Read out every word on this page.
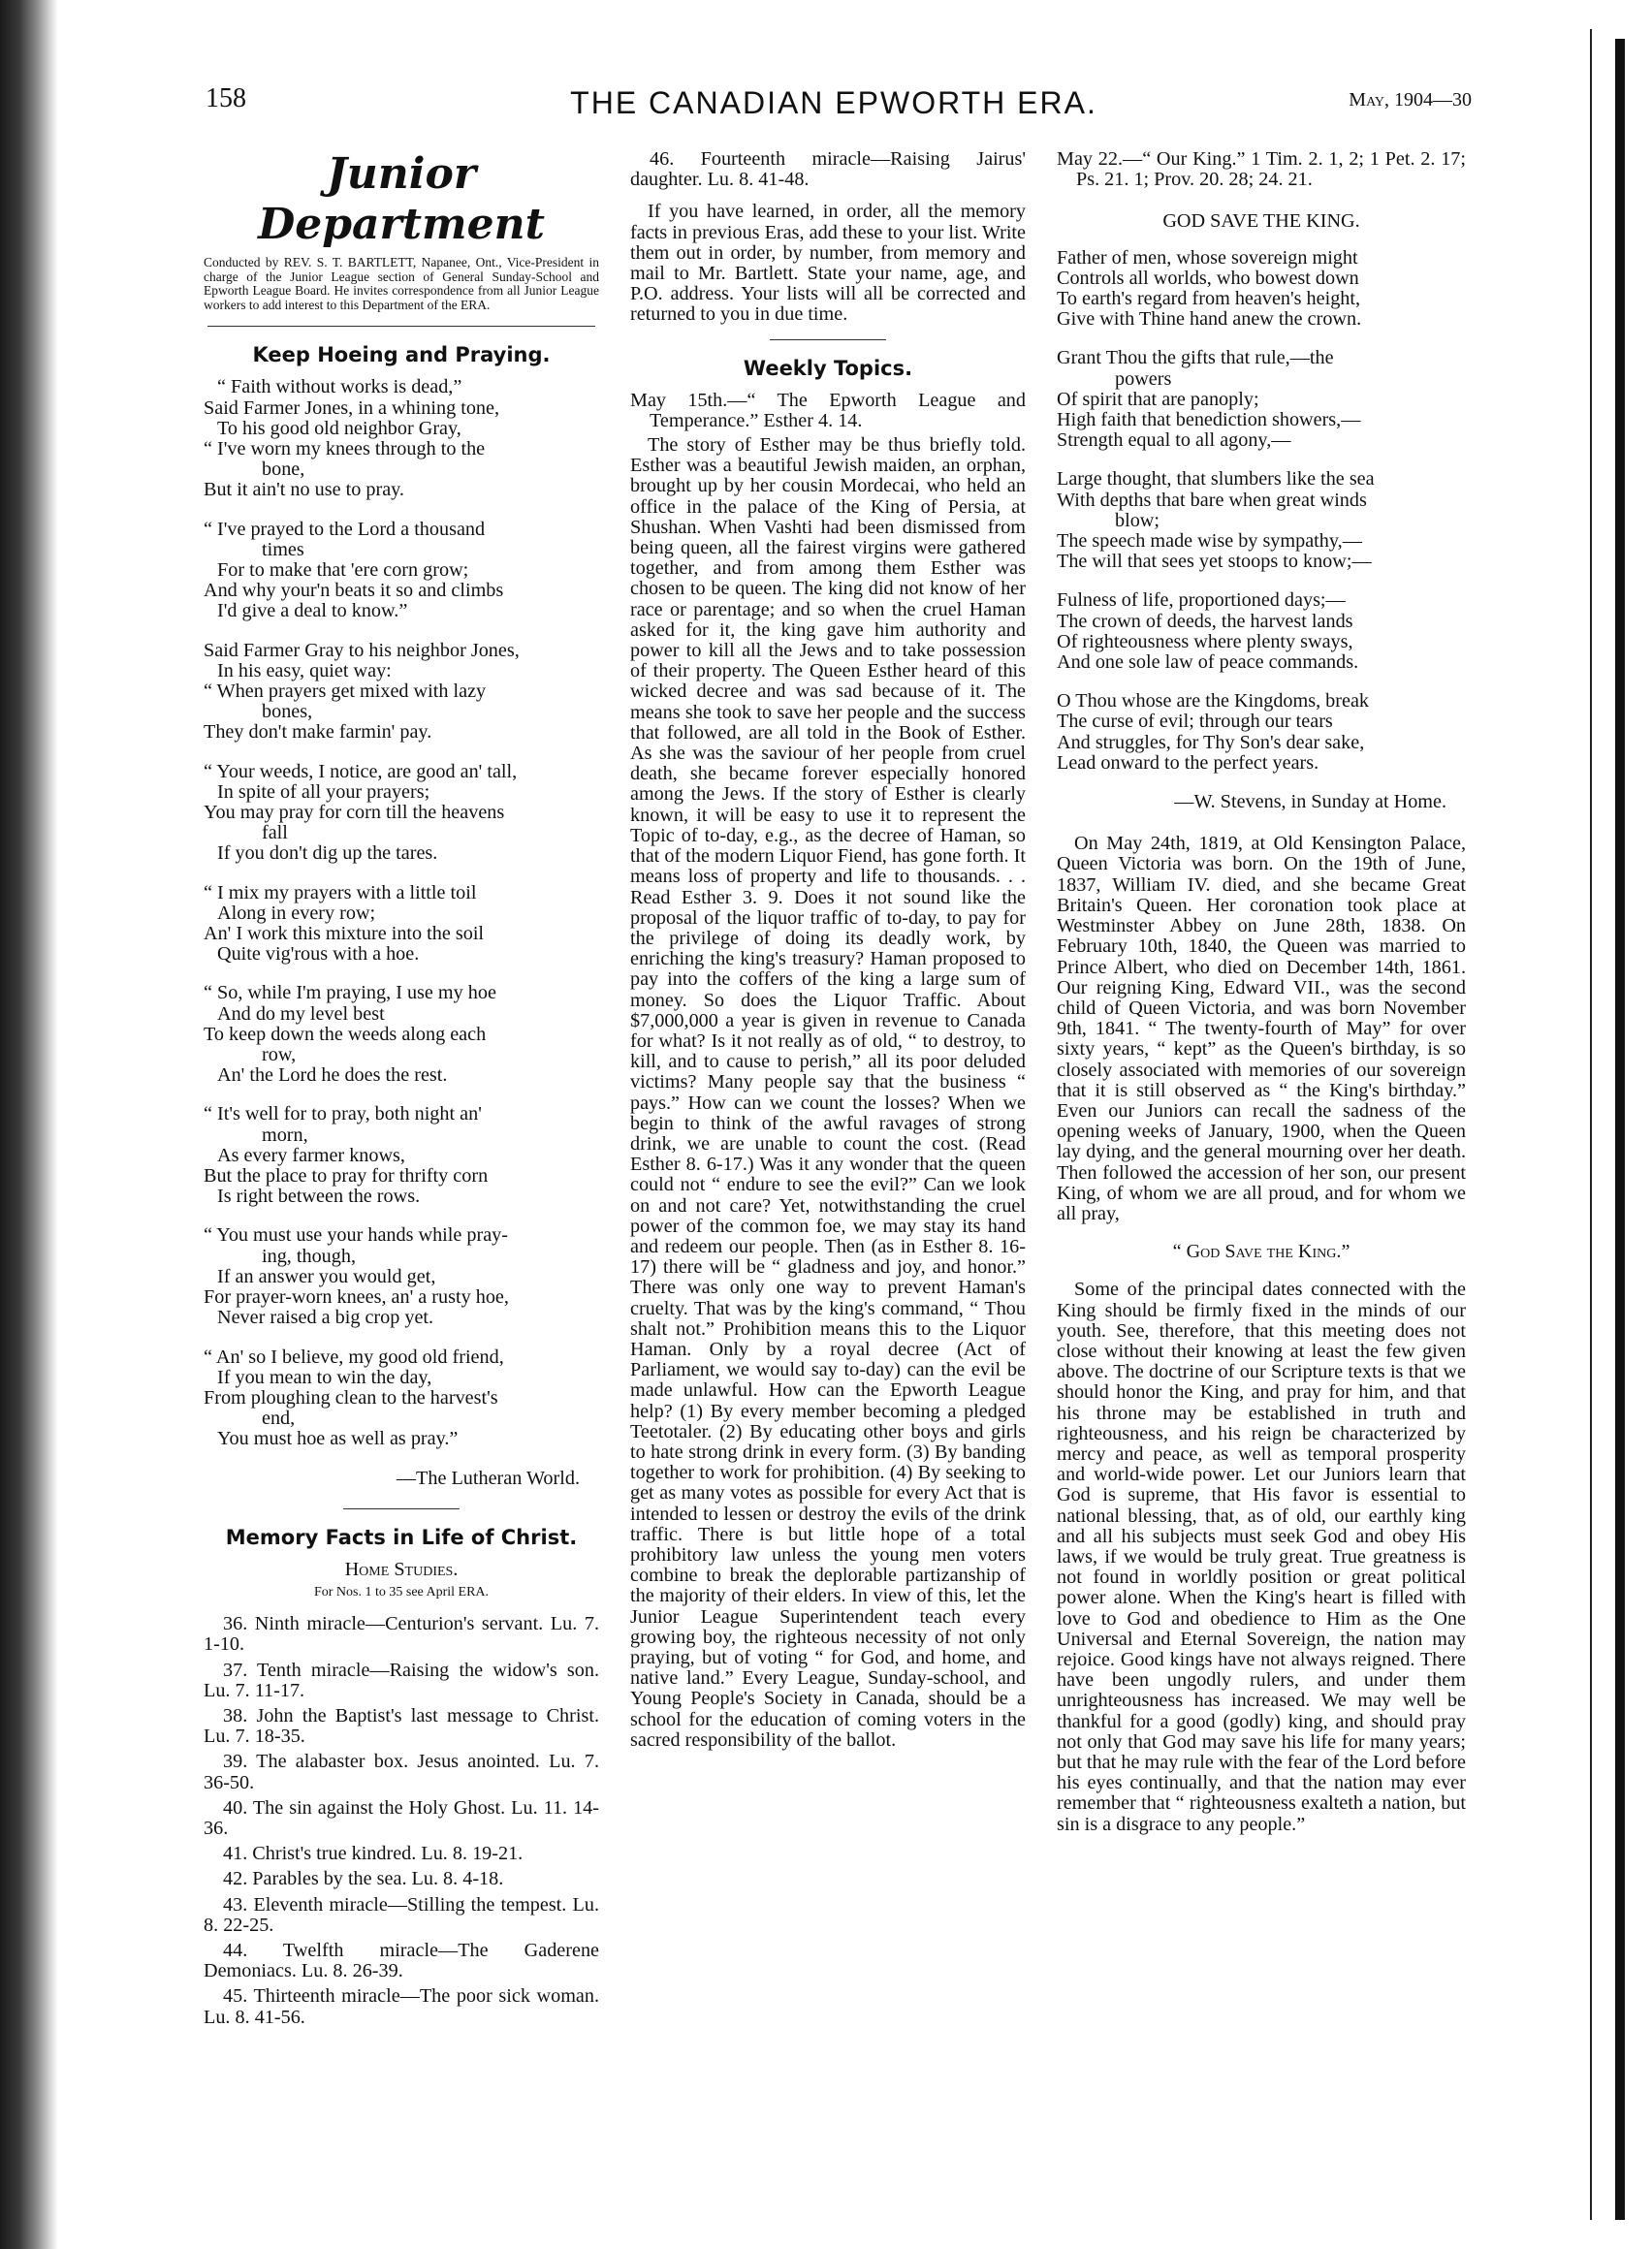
158	THE CANADIAN EPWORTH ERA.	May, 1904—30
Junior Department
Conducted by REV. S. T. BARTLETT, Napanee, Ont., Vice-President in charge of the Junior League section of General Sunday-School and Epworth League Board. He invites correspondence from all Junior League workers to add interest to this Department of the ERA.
Keep Hoeing and Praying.
“ Faith without works is dead,”
Said Farmer Jones, in a whining tone,
To his good old neighbor Gray,
“ I've worn my knees through to the
bone,
But it ain't no use to pray.
“ I've prayed to the Lord a thousand
times
For to make that 'ere corn grow;
And why your'n beats it so and climbs
I'd give a deal to know.”
Said Farmer Gray to his neighbor Jones,
In his easy, quiet way:
“ When prayers get mixed with lazy
bones,
They don't make farmin' pay.
“ Your weeds, I notice, are good an' tall,
In spite of all your prayers;
You may pray for corn till the heavens
fall
If you don't dig up the tares.
“ I mix my prayers with a little toil
Along in every row;
An' I work this mixture into the soil
Quite vig'rous with a hoe.
“ So, while I'm praying, I use my hoe
And do my level best
To keep down the weeds along each
row,
An' the Lord he does the rest.
“ It's well for to pray, both night an'
morn,
As every farmer knows,
But the place to pray for thrifty corn
Is right between the rows.
“ You must use your hands while pray-
ing, though,
If an answer you would get,
For prayer-worn knees, an' a rusty hoe,
Never raised a big crop yet.
“ An' so I believe, my good old friend,
If you mean to win the day,
From ploughing clean to the harvest's
end,
You must hoe as well as pray.”
—The Lutheran World.
Memory Facts in Life of Christ.
Home Studies.
For Nos. 1 to 35 see April ERA.
36. Ninth miracle—Centurion's servant. Lu. 7. 1-10.
37. Tenth miracle—Raising the widow's son. Lu. 7. 11-17.
38. John the Baptist's last message to Christ. Lu. 7. 18-35.
39. The alabaster box. Jesus anointed. Lu. 7. 36-50.
40. The sin against the Holy Ghost. Lu. 11. 14-36.
41. Christ's true kindred. Lu. 8. 19-21.
42. Parables by the sea. Lu. 8. 4-18.
43. Eleventh miracle—Stilling the tempest. Lu. 8. 22-25.
44. Twelfth miracle—The Gaderene Demoniacs. Lu. 8. 26-39.
45. Thirteenth miracle—The poor sick woman. Lu. 8. 41-56.
46. Fourteenth miracle—Raising Jairus' daughter. Lu. 8. 41-48.
If you have learned, in order, all the memory facts in previous Eras, add these to your list. Write them out in order, by number, from memory and mail to Mr. Bartlett. State your name, age, and P.O. address. Your lists will all be corrected and returned to you in due time.
Weekly Topics.
May 15th.—“ The Epworth League and Temperance.” Esther 4. 14.
The story of Esther may be thus briefly told. Esther was a beautiful Jewish maiden, an orphan, brought up by her cousin Mordecai, who held an office in the palace of the King of Persia, at Shushan. When Vashti had been dismissed from being queen, all the fairest virgins were gathered together, and from among them Esther was chosen to be queen. The king did not know of her race or parentage; and so when the cruel Haman asked for it, the king gave him authority and power to kill all the Jews and to take possession of their property. The Queen Esther heard of this wicked decree and was sad because of it. The means she took to save her people and the success that followed, are all told in the Book of Esther. As she was the saviour of her people from cruel death, she became forever especially honored among the Jews. If the story of Esther is clearly known, it will be easy to use it to represent the Topic of to-day, e.g., as the decree of Haman, so that of the modern Liquor Fiend, has gone forth. It means loss of property and life to thousands. . . Read Esther 3. 9. Does it not sound like the proposal of the liquor traffic of to-day, to pay for the privilege of doing its deadly work, by enriching the king's treasury? Haman proposed to pay into the coffers of the king a large sum of money. So does the Liquor Traffic. About $7,000,000 a year is given in revenue to Canada for what? Is it not really as of old, “ to destroy, to kill, and to cause to perish,” all its poor deluded victims? Many people say that the business “ pays.” How can we count the losses? When we begin to think of the awful ravages of strong drink, we are unable to count the cost. (Read Esther 8. 6-17.) Was it any wonder that the queen could not “ endure to see the evil?” Can we look on and not care? Yet, notwithstanding the cruel power of the common foe, we may stay its hand and redeem our people. Then (as in Esther 8. 16-17) there will be “ gladness and joy, and honor.” There was only one way to prevent Haman's cruelty. That was by the king's command, “ Thou shalt not.” Prohibition means this to the Liquor Haman. Only by a royal decree (Act of Parliament, we would say to-day) can the evil be made unlawful. How can the Epworth League help? (1) By every member becoming a pledged Teetotaler. (2) By educating other boys and girls to hate strong drink in every form. (3) By banding together to work for prohibition. (4) By seeking to get as many votes as possible for every Act that is intended to lessen or destroy the evils of the drink traffic. There is but little hope of a total prohibitory law unless the young men voters combine to break the deplorable partizanship of the majority of their elders. In view of this, let the Junior League Superintendent teach every growing boy, the righteous necessity of not only praying, but of voting “ for God, and home, and native land.” Every League, Sunday-school, and Young People's Society in Canada, should be a school for the education of coming voters in the sacred responsibility of the ballot.
May 22.—“ Our King.” 1 Tim. 2. 1, 2; 1 Pet. 2. 17; Ps. 21. 1; Prov. 20. 28; 24. 21.
GOD SAVE THE KING.
Father of men, whose sovereign might
Controls all worlds, who bowest down
To earth's regard from heaven's height,
Give with Thine hand anew the crown.
Grant Thou the gifts that rule,—the
powers
Of spirit that are panoply;
High faith that benediction showers,—
Strength equal to all agony,—
Large thought, that slumbers like the sea
With depths that bare when great winds
blow;
The speech made wise by sympathy,—
The will that sees yet stoops to know;—
Fulness of life, proportioned days;—
The crown of deeds, the harvest lands
Of righteousness where plenty sways,
And one sole law of peace commands.
O Thou whose are the Kingdoms, break
The curse of evil; through our tears
And struggles, for Thy Son's dear sake,
Lead onward to the perfect years.
—W. Stevens, in Sunday at Home.
On May 24th, 1819, at Old Kensington Palace, Queen Victoria was born. On the 19th of June, 1837, William IV. died, and she became Great Britain's Queen. Her coronation took place at Westminster Abbey on June 28th, 1838. On February 10th, 1840, the Queen was married to Prince Albert, who died on December 14th, 1861. Our reigning King, Edward VII., was the second child of Queen Victoria, and was born November 9th, 1841. “ The twenty-fourth of May” for over sixty years, “ kept” as the Queen's birthday, is so closely associated with memories of our sovereign that it is still observed as “ the King's birthday.” Even our Juniors can recall the sadness of the opening weeks of January, 1900, when the Queen lay dying, and the general mourning over her death. Then followed the accession of her son, our present King, of whom we are all proud, and for whom we all pray,
“ God Save the King.”
Some of the principal dates connected with the King should be firmly fixed in the minds of our youth. See, therefore, that this meeting does not close without their knowing at least the few given above. The doctrine of our Scripture texts is that we should honor the King, and pray for him, and that his throne may be established in truth and righteousness, and his reign be characterized by mercy and peace, as well as temporal prosperity and world-wide power. Let our Juniors learn that God is supreme, that His favor is essential to national blessing, that, as of old, our earthly king and all his subjects must seek God and obey His laws, if we would be truly great. True greatness is not found in worldly position or great political power alone. When the King's heart is filled with love to God and obedience to Him as the One Universal and Eternal Sovereign, the nation may rejoice. Good kings have not always reigned. There have been ungodly rulers, and under them unrighteousness has increased. We may well be thankful for a good (godly) king, and should pray not only that God may save his life for many years; but that he may rule with the fear of the Lord before his eyes continually, and that the nation may ever remember that “ righteousness exalteth a nation, but sin is a disgrace to any people.”
